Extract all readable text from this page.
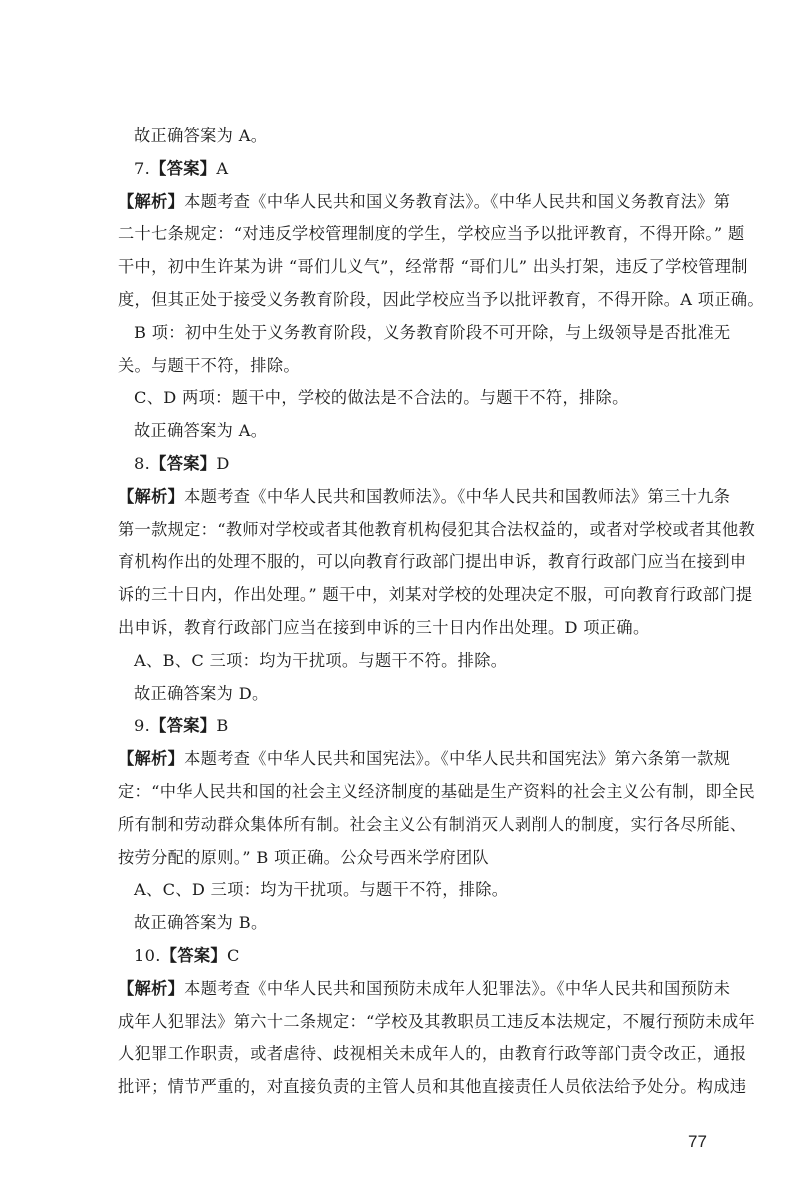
故正确答案为 A。
7.【答案】A
【解析】本题考查《中华人民共和国义务教育法》。《中华人民共和国义务教育法》第
二十七条规定：“对违反学校管理制度的学生，学校应当予以批评教育，不得开除。” 题
干中，初中生许某为讲 “哥们儿义气”，经常帮 “哥们儿” 出头打架，违反了学校管理制
度，但其正处于接受义务教育阶段，因此学校应当予以批评教育，不得开除。A 项正确。
B 项：初中生处于义务教育阶段，义务教育阶段不可开除，与上级领导是否批准无
关。与题干不符，排除。
C、D 两项：题干中，学校的做法是不合法的。与题干不符，排除。
故正确答案为 A。
8.【答案】D
【解析】本题考查《中华人民共和国教师法》。《中华人民共和国教师法》第三十九条
第一款规定：“教师对学校或者其他教育机构侵犯其合法权益的，或者对学校或者其他教
育机构作出的处理不服的，可以向教育行政部门提出申诉，教育行政部门应当在接到申
诉的三十日内，作出处理。” 题干中，刘某对学校的处理决定不服，可向教育行政部门提
出申诉，教育行政部门应当在接到申诉的三十日内作出处理。D 项正确。
A、B、C 三项：均为干扰项。与题干不符。排除。
故正确答案为 D。
9.【答案】B
【解析】本题考查《中华人民共和国宪法》。《中华人民共和国宪法》第六条第一款规
定：“中华人民共和国的社会主义经济制度的基础是生产资料的社会主义公有制，即全民
所有制和劳动群众集体所有制。社会主义公有制消灭人剥削人的制度，实行各尽所能、
按劳分配的原则。” B 项正确。公众号西米学府团队
A、C、D 三项：均为干扰项。与题干不符，排除。
故正确答案为 B。
10.【答案】C
【解析】本题考查《中华人民共和国预防未成年人犯罪法》。《中华人民共和国预防未
成年人犯罪法》第六十二条规定：“学校及其教职员工违反本法规定，不履行预防未成年
人犯罪工作职责，或者虐待、歧视相关未成年人的，由教育行政等部门责令改正，通报
批评；情节严重的，对直接负责的主管人员和其他直接责任人员依法给予处分。构成违
77
